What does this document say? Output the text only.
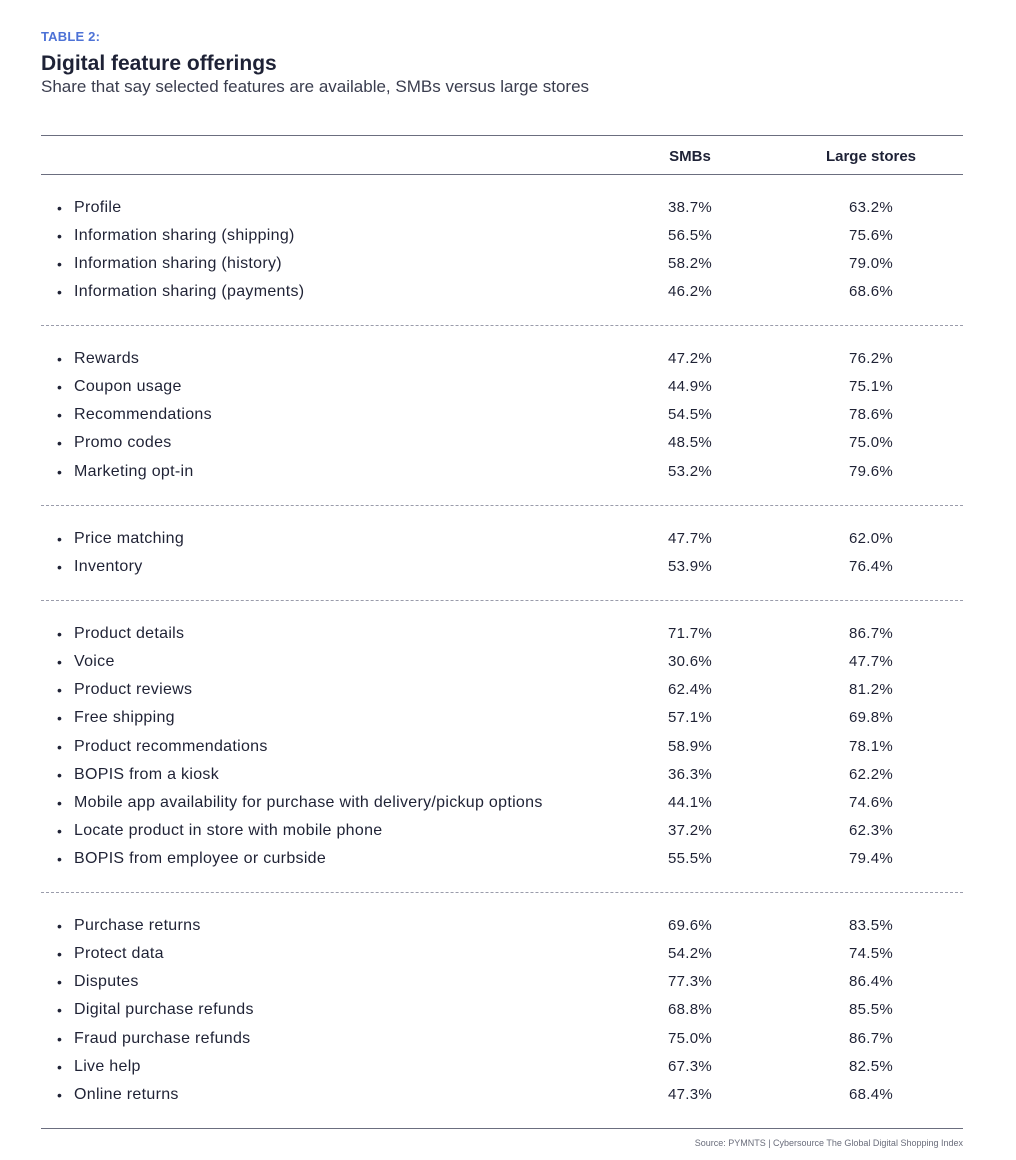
TABLE 2:
Digital feature offerings
Share that say selected features are available, SMBs versus large stores
SMBs	Large stores
• Profile	38.7%	63.2%
• Information sharing (shipping)	56.5%	75.6%
• Information sharing (history)	58.2%	79.0%
• Information sharing (payments)	46.2%	68.6%
• Rewards	47.2%	76.2%
• Coupon usage	44.9%	75.1%
• Recommendations	54.5%	78.6%
• Promo codes	48.5%	75.0%
• Marketing opt-in	53.2%	79.6%
• Price matching	47.7%	62.0%
• Inventory	53.9%	76.4%
• Product details	71.7%	86.7%
• Voice	30.6%	47.7%
• Product reviews	62.4%	81.2%
• Free shipping	57.1%	69.8%
• Product recommendations	58.9%	78.1%
• BOPIS from a kiosk	36.3%	62.2%
• Mobile app availability for purchase with delivery/pickup options	44.1%	74.6%
• Locate product in store with mobile phone	37.2%	62.3%
• BOPIS from employee or curbside	55.5%	79.4%
• Purchase returns	69.6%	83.5%
• Protect data	54.2%	74.5%
• Disputes	77.3%	86.4%
• Digital purchase refunds	68.8%	85.5%
• Fraud purchase refunds	75.0%	86.7%
• Live help	67.3%	82.5%
• Online returns	47.3%	68.4%
Source: PYMNTS | Cybersource The Global Digital Shopping Index
